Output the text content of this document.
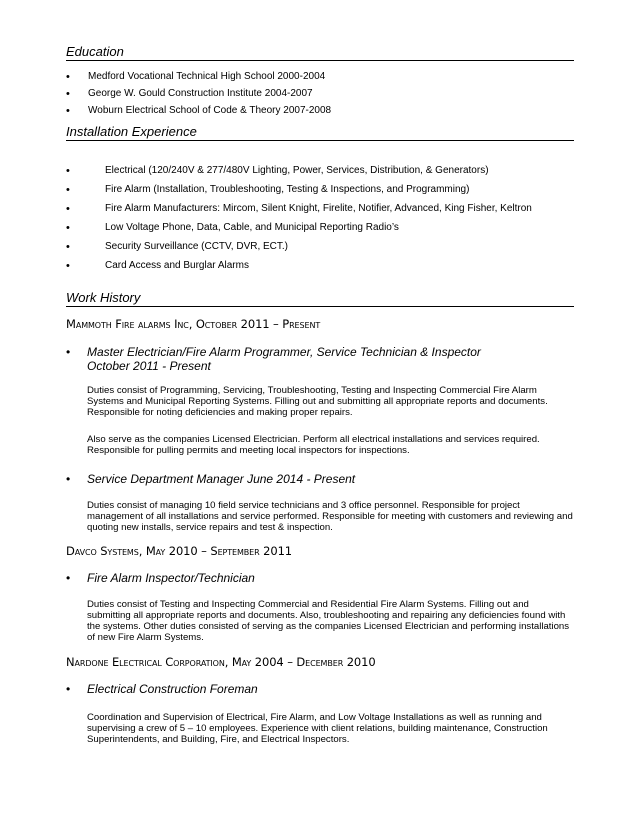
Education
• Medford Vocational Technical High School 2000-2004
• George W. Gould Construction Institute 2004-2007
• Woburn Electrical School of Code & Theory 2007-2008
Installation Experience
•	Electrical (120/240V & 277/480V Lighting, Power, Services, Distribution, & Generators)
•	Fire Alarm (Installation, Troubleshooting, Testing & Inspections, and Programming)
•	Fire Alarm Manufacturers: Mircom, Silent Knight, Firelite, Notifier, Advanced, King Fisher, Keltron
•	Low Voltage Phone, Data, Cable, and Municipal Reporting Radio’s
•	Security Surveillance (CCTV, DVR, ECT.)
•	Card Access and Burglar Alarms
Work History
Mammoth Fire alarms Inc, October 2011 – Present
• Master Electrician/Fire Alarm Programmer, Service Technician & Inspector
October 2011 - Present
Duties consist of Programming, Servicing, Troubleshooting, Testing and Inspecting Commercial Fire Alarm Systems and Municipal Reporting Systems. Filling out and submitting all appropriate reports and documents. Responsible for noting deficiencies and making proper repairs.
Also serve as the companies Licensed Electrician. Perform all electrical installations and services required. Responsible for pulling permits and meeting local inspectors for inspections.
• Service Department Manager June 2014 - Present
Duties consist of managing 10 field service technicians and 3 office personnel. Responsible for project management of all installations and service performed. Responsible for meeting with customers and reviewing and quoting new installs, service repairs and test & inspection.
Davco Systems, May 2010 – September 2011
• Fire Alarm Inspector/Technician
Duties consist of Testing and Inspecting Commercial and Residential Fire Alarm Systems. Filling out and submitting all appropriate reports and documents. Also, troubleshooting and repairing any deficiencies found with the systems. Other duties consisted of serving as the companies Licensed Electrician and performing installations of new Fire Alarm Systems.
Nardone Electrical Corporation, May 2004 – December 2010
• Electrical Construction Foreman
Coordination and Supervision of Electrical, Fire Alarm, and Low Voltage Installations as well as running and supervising a crew of 5 – 10 employees. Experience with client relations, building maintenance, Construction Superintendents, and Building, Fire, and Electrical Inspectors.
